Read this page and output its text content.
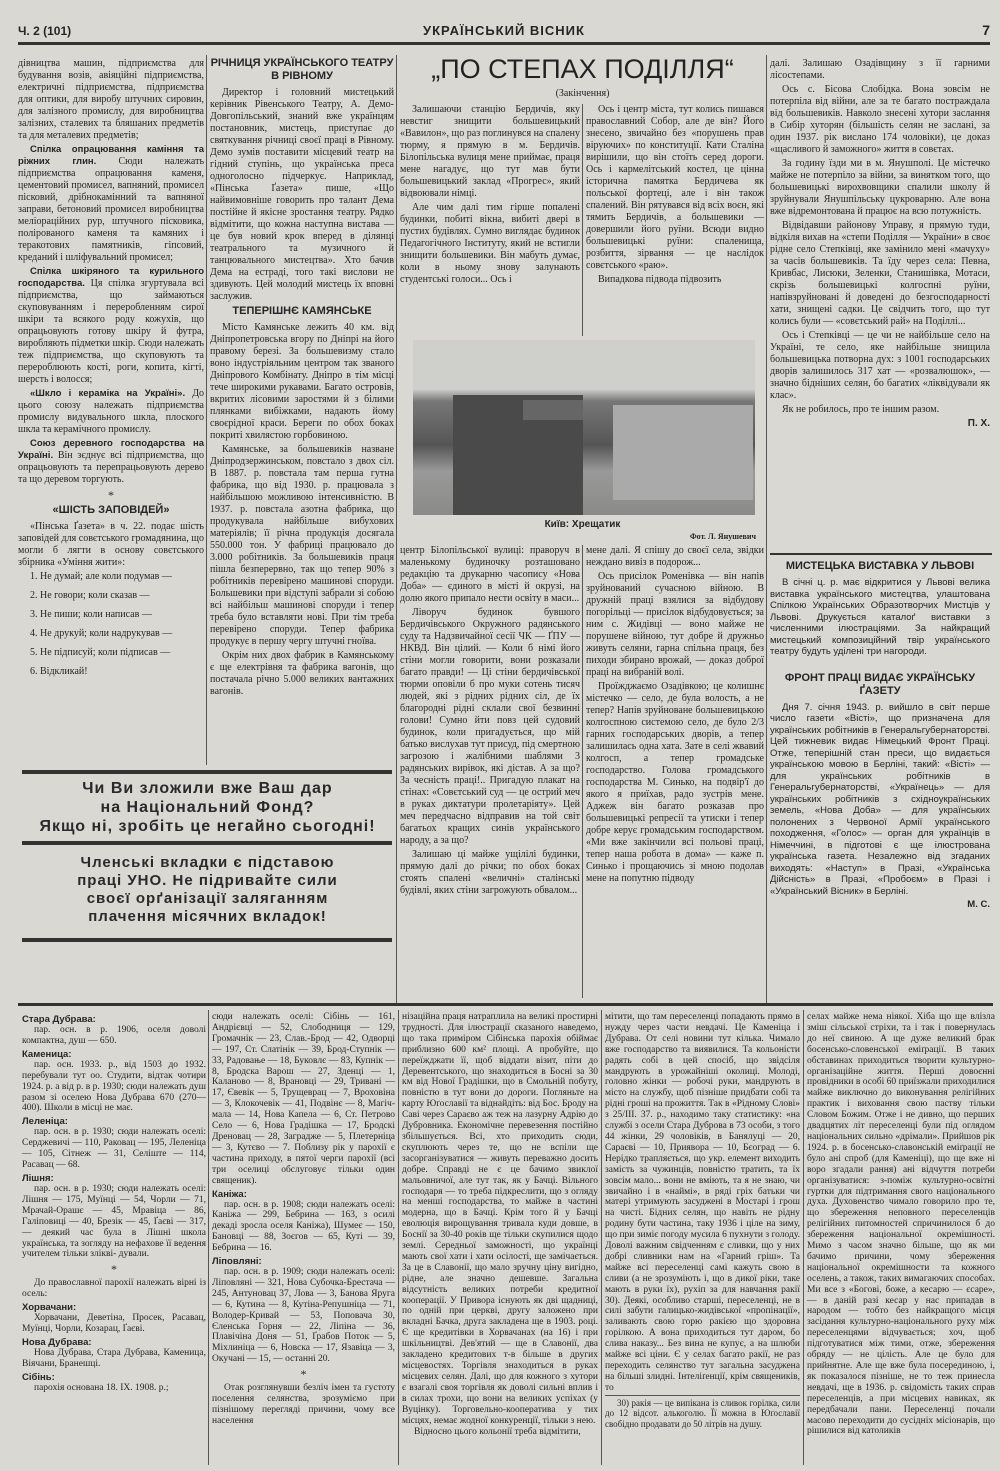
Ч. 2 (101)	УКРАЇНСЬКИЙ ВІСНИК	7

дівництва машин, підприємства для будування возів, авіяційні підприємства, електричні підприємства, підприємства для оптики, для виробу штучних сировин, для залізного промислу, для виробництва залізних, сталевих та бляшаних предметів та для металевих предметів;

Спілка опрацювання каміння та ріжних глин. Сюди належать підприємства опрацювання каменя, цементовий промисел, вапняний, промисел пісковий, дрібнокамінний та вапняної заправи, бетоновий промисел виробництва меліораційних рур, штучного пісковика, полірованого каменя та камяних і теракотових памятників, гіпсовий, креданий і шліфувальний промисел;

Спілка шкіряного та курильного господарства. Ця спілка згуртувала всі підприємства, що займаються скуповуванням і переробленням сирої шкіри та всякого роду кожухів, що опрацьовують готову шкіру й футра, виробляють підметки шкір. Сюди належать теж підприємства, що скуповують та перероблюють кості, роги, копита, кігті, шерсть і волосся;

«Шкло і кераміка на Україні». До цього союзу належать підприємства промислу видувального шкла, плоского шкла та керамічного промислу.

Союз деревного господарства на Україні. Він зєднує всі підприємства, що опрацьовують та перепрацьовують дерево та що деревом торгують.

*
«ШІСТЬ ЗАПОВІДЕЙ»

«Пінська Ґазета» в ч. 22. подає шість заповідей для совєтського громадянина, що могли б лягти в основу совєтського збірника «Уміння жити»:

1. Не думай; але коли подумав —

2. Не говори; коли сказав —

3. Не пиши; коли написав —

4. Не друкуй; коли надрукував —

5. Не підписуй; коли підписав —

6. Відкликай!

РІЧНИЦЯ УКРАЇНСЬКОГО ТЕАТРУ В РІВНОМУ

Директор і головний мистецький керівник Рівенського Театру, А. Демо-Довгопільський, знаний вже українцям постановник, мистець, приступає до святкування річниці своєї праці в Рівному. Демо зумів поставити місцевий театр на гідний ступінь, що українська преса одноголосно підчеркує. Наприклад, «Пінська Ґазета» пише, «Що найвимовніше говорить про талант Дема постійне й якісне зростання театру. Рядко відмітити, що кожна наступна вистава — це був новий крок вперед в ділянці театрального та музичного й танцювального мистецтва». Хто бачив Дема на естраді, того такі вислови не здивують. Цей молодий мистець їх вповні заслужив.

ТЕПЕРІШНЄ КАМЯНСЬКЕ

Місто Камянське лежить 40 км. від Дніпропетровська вгору по Дніпрі на його правому березі. За большевизму стало воно індустріяльним центром так званого Дніпрового Комбінату. Дніпро в тім місці тече широкими рукавами. Багато островів, вкритих лісовими заростями й з білими плянками вибіжками, надають йому своєрідної краси. Береги по обох боках покриті хвилястою горбовиною.

Камянське, за большевиків назване Дніпродзержинськом, повстало з двох сіл. В 1887. р. повстала там перша гутна фабрика, що від 1930. р. працювала з найбільшою можливою інтенсивністю. В 1937. р. повстала азотна фабрика, що продукувала найбільше вибухових матеріялів; її річна продукція досягала 550.000 тон. У фабриці працювало до 3.000 робітників. За большевиків праця пішла безперервно, так що тепер 90% з робітників перевірено машинові споруди. Большевики при відступі забрали зі собою всі найбільш машинові споруди і тепер треба було вставляти нові. При тім треба перевірено споруди. Тепер фабрика продукує в першу чергу штучні гноїва.

Окрім них двох фабрик в Камянському є ще електрівня та фабрика вагонів, що постачала річно 5.000 великих вантажних вагонів.

„ПО СТЕПАХ ПОДІЛЛЯ“
(Закінчення)

Залишаючи станцію Бердичів, яку невстиг знищити большевицький «Вавилон», що раз поглинувся на спалену тюрму, я прямую в м. Бердичів. Білопільська вулиця мене приймає, праця мене нагадує, що тут мав бути большевицький заклад «Прогрес», який відвоювали німці.

Але чим далі тим гірше попалені будинки, побиті вікна, вибиті двері в пустих будівлях. Сумно виглядає будинок Педагогічного Інституту, який не встигли знищити большевики. Він мабуть думає, коли в ньому знову залунають студентські голоси... Ось і

Ось і центр міста, тут колись пишався православний Собор, але де він? Його знесено, звичайно без «порушень прав віруючих» по конституції. Кати Сталіна вирішили, що він стоїть серед дороги. Ось і кармелітський костел, це цінна історична памятка Бердичева як польської фортеці, але і він також спалений. Він рятувався від всіх воєн, які тямить Бердичів, а большевики — довершили його руїни. Всюди видно большевицькі руїни: спаленища, розбиття, зірвання — це наслідок совєтського «раю».

Випадкова підвода підвозить

Київ: Хрещатик
Фот. Л. Янушевич

центр Білопільської вулиці: праворуч в маленькому будиночку розташовано редакцію та друкарню часопису «Нова Доба» — єдиного в місті й окрузі, на долю якого припало нести освіту в маси...

Ліворуч будинок бувшого Бердичівського Окружного радянського суду та Надзвичайної сесії ЧК — ҐПУ — НКВД. Він цілий. — Коли б німі його стіни могли говорити, вони розказали багато правди! — Ці стіни бердичівської тюрми оповіли б про муки сотень тисяч людей, які з рідних рідних сіл, де їх благородні рідні склали свої безвинні голови! Сумно йти повз цей судовий будинок, коли пригадується, що мій батько вислухав тут присуд, під смертною загрозою і жалібними шаблями 3 радянських вирівок, які дістав. А за що? За чесність праці!.. Пригадую плакат на стінах: «Совєтський суд — це острий меч в руках диктатури пролетаріяту». Цей меч передчасно відправив на той світ багатьох кращих синів українського народу, а за що?

Залишаю ці майже ущілілі будинки, прямую далі до річки; по обох боках стоять спалені «величні» сталінські будівлі, яких стіни загрожують обвалом...

мене далі. Я спішу до своєї села, звідки неждано вивіз в подорож...

Ось присілок Роменівка — він напів зруйнований сучасною війною. В дружній праці взялися за відбудову погорільці — присілок відбудовується; за ним с. Жидівці — воно майже не порушене війною, тут добре й дружньо живуть селяни, гарна спільна праця, без пиходи збирано врожай, — доказ доброї праці на вибраній волі.

Проїжджаємо Озадівкою; це колишнє містечко — село, де була волость, а не тепер? Напів зруйноване большевицькою колгоспною системою село, де було 2/3 гарних господарських дворів, а тепер залишилась одна хата. Зате в селі жвавий колгосп, а тепер громадське господарство. Голова громадського господарства М. Синько, на подвір'ї до якого я приїхав, радо зустрів мене. Аджеж він багато розказав про большевицькі репресії та утиски і тепер добре керує громадським господарством. «Ми вже закінчили всі польові праці, тепер наша робота в дома» — каже п. Синько і прощаючись зі мною подолав мене на попутню підводу

далі. Залишаю Озадівщину з її гарними лісостепами.

Ось с. Бісова Слобідка. Вона зовсім не потерпіла від війни, але за те багато постраждала від большевиків. Навколо знесені хутори заслання в Сибір хуторян (більшість селян не заслані, за один 1937. рік вислано 174 чоловіки), це доказ «щасливого й заможного» життя в совєтах.

За годину їзди ми в м. Янушполі. Це містечко майже не потерпіло за війни, за винятком того, що большевицькі вирохвовщики спалили школу й зруйнували Янушпільську цукроварню. Але вона вже відремонтована й працює на всю потужність.

Відвідавши районову Управу, я прямую туди, відкіля вихав на «степи Поділля — України» в своє рідне село Степківці, яке замінило мені «мачуху» за часів большевиків. Та їду через села: Певна, Кривбас, Лисюки, Зеленки, Станишівка, Мотаси, скрізь большевицькі колгоспні руїни, напівзруйновані й доведені до безгосподарності хати, знищені садки. Це свідчить того, що тут колись були — «совєтський рай» на Поділлі...

Ось і Степківці — це чи не найбільше село на Україні, те село, яке найбільше знищила большевицька потворна дух: з 1001 господарських дворів залишилось 317 хат — «розвалюшок», — значно бідніших селян, бо багатих «ліквідували як клас».

Як не робилось, про те іншим разом.

П. Х.
МИСТЕЦЬКА ВИСТАВКА У ЛЬВОВІ

В січні ц. р. має відкритися у Львові велика виставка українського мистецтва, улаштована Спілкою Українських Образотворчих Мистців у Львові. Друкується каталоґ виставки з численними ілюстраціями. За найкращий мистецький композиційний твір українського театру будуть уділені три нагороди.

ФРОНТ ПРАЦІ ВИДАЄ УКРАЇНСЬКУ ҐАЗЕТУ

Дня 7. січня 1943. р. вийшло в світ перше число газети «Вісті», що призначена для українських робітників в Генеральгубернаторстві. Цей тижневик видає Німецький Фронт Праці. Отже, теперішній стан преси, що видається українською мовою в Берліні, такий: «Вісті» — для українських робітників в Генеральгубернаторстві, «Українець» — для українських робітників з східноукраїнських земель, «Нова Доба» — для українських полонених з Червоної Армії українського походження, «Голос» — орган для українців в Німеччині, в підготові є ще ілюстрована українська газета. Незалежно від згаданих виходять: «Наступ» в Празі, «Українська Дійсність» в Празі, «Пробоєм» в Празі і «Український Вісник» в Берліні.

М. С.
Чи Ви зложили вже Ваш дар
на Національний Фонд?
Якщо ні, зробіть це негайно сьогодні!
Членські вкладки є підставою
праці УНО. Не підривайте сили
своєї орґанізації заляганням
плачення місячних вкладок!
Стара Дубрава:

пар. осн. в р. 1906, оселя доволі компактна, душ — 650.

Каменица:

пар. осн. 1933. р., від 1503 до 1932. перебували тут оо. Студити, відтак чотири 1924. р. а від р. в р. 1930; сюди належать душ разом зі оселею Нова Дубрава 670 (270—400). Школи в місці не має.

Леленіца:

пар. осн. в р. 1930; сюди належать оселі: Серджевичі — 110, Раковац — 195, Леленіца — 105, Сітнеж — 31, Селіште — 114, Расавац — 68.

Лішня:

пар. осн. в р. 1930; сюди належать оселі: Лішня — 175, Муїнці — 54, Чорли — 71, Мрачай-Орашє — 45, Мравіца — 86, Галіповиці — 40, Брезік — 45, Ґаєві — 317, — деякий час була в Лішні школа українська, та зогляду на нефахове її ведення учителем тільки злікві- дували.

*

До православної парохії належать вірні із осель:

Хорвачани:

Хорвачани, Деветіна, Просек, Расавац, Муїнці, Чорли, Козарац, Ґаєві.

Нова Дубрава:

Нова Дубрава, Стара Дубрава, Каменица, Віячани, Бранешці.

Сібінь:

парохія основана 18. IX. 1908. р.;

сюди належать оселі: Сібінь — 161, Андрієвці — 52, Слободниця — 129, Громачнік — 23, Слав.-Брод — 42, Одворці — 197, Ст. Слатінік — 39, Брод-Ступнік — 33, Радовање — 18, Буковлє — 83, Купнік — 8, Бродска Варош — 27, Зденці — 1, Каланово — 8, Врановці — 29, Тривані — 17, Євевік — 5, Трущеврац — 7, Вроховіна — 3, Клокочевік — 41, Подвінє — 8, Магіч-мала — 14, Нова Капела — 6, Ст. Петрово Село — 6, Нова Градішка — 17, Бродскі Дреновац — 28, Заградже — 5, Плетерніца — 3, Кутєво — 7. Поблизу рік у парохії є частина приходу, в пятої черги парохії (всі три оселиці обслуговує тільки один священик).

Каніжа:

пар. осн. в р. 1908; сюди належать оселі: Каніжа — 299, Бебрина — 163, з осилі декаді зросла оселя Каніжа), Шумеє — 150, Бановці — 88, Зоєгов — 65, Куті — 39, Бебрина — 16.

Ліповляні:

пар. осн. в р. 1909; сюди належать оселі: Ліповляні — 321, Нова Субочка-Брестача — 245, Антуновац 37, Лова — 3, Банова Яруга — 6, Кутина — 8, Кутіна-Репушніца — 71, Володер-Кривай — 53, Поповача 30, Єленська Горня — 22, Ліпіна — 36, Плавічіна Доня — 51, Ґрабов Поток — 5, Міхлиніца — 6, Новска — 17, Язавіца — 3, Окучані — 15, — останні 20.

*

Отак розглянувши безліч імен та густоту поселення селянства, зрозуміємо при пізнішому перегляді причини, чому все населення

нізаційна праця натраплила на великі простирні трудності. Для ілюстрації сказаного наведемо, що така приміром Сібінська парохія обіймає приблизно 600 км² площі. А пробуйте, що переїжджати її, щоб віддати візит, піти до Деревентського, що знаходиться в Босні за 30 км від Нової Градішки, що в Смольній побуту, повністю в тут вони до дороги. Погляньте на карту Юґославії та віднайдіть: від Бос. Броду на Саві через Сараєво аж теж на лазурну Адрію до Дубровника. Економічне перевезення постійно збільшується. Всі, хто приходить сюди, скуплюють через те, що не вспіли ще засорганізуватися — живуть переважно досить добре. Справді не є це бачимо звиклої мальовничої, але тут так, як у Бачці. Вільного господаря — то треба підкреслити, що з огляду на менші господарства, то майже в частині модерна, що в Бачці. Крім того й у Бачці еволюція вирощування тривала куди довше, в Боснії за 30-40 років ще тільки скупилися щодо землі. Середньої заможності, що українці мають свої хати і хати осілості, ще замічається. За це в Славонії, що мало зручну ціну вигідно, рідне, але значно дешевше. Загальна відсутність великих потреби кредитної кооперації. У Привора існують як дві щадниці, по одній при церкві, другу заложено при вкладні Бачка, друга закладена ще в 1903. році. Є ще кредитівки в Хорвачанах (на 16) і при шкільництві. Дев'ятий — ще в Славонії, два закладено кредитових т-в більше в других місцевостях. Торгівля знаходиться в руках місцевих селян. Далі, що для кожного з хутори є взагалі своя торгівля як доволі сильні вплив і в силах трохи, що вони на великих успіхах (у Вуцінку). Торговельно-кооператива у тих місцях, немає жодної конкуренції, тільки з нею.

Відносно цього кольонії треба відмітити,

мітити, що там переселенці попадають прямо в нужду через части невдачі. Це Каменіца і Дубрава. От селі новини тут кілька. Чимало вже господарство та виявилися. Та кольоністи радять собі в цей спосіб, що звідсіля мандрують в урожайніші околиці. Молоді, головно жінки — робочі руки, мандрують в місто на службу, щоб пізніше придбати собі та рідні гроші на прожиття. Так в «Рідному Слові» з 25/ІІІ. 37. р., находимо таку статистику: «на службі з осели Стара Дуброва в 73 особи, з того 44 жінки, 29 чоловіків, в Банялуці — 20, Сараєві — 10, Приявора — 10, Бєоград — 6. Нерідко трапляється, що укр. елемент виходить замість за чужинців, повністю тратить, та їх зовсім мало... вони не вміють, та я не знаю, чи звичайно і в «наймі», в ряді гріх батьки чи матері утримують засуджені в Мостарі і грош на чисті. Бідних селян, що навіть не рідну родину бути частина, таку 1936 і ціле на зиму, що при зиміє погоду мусила 6 пухнути з голоду. Доволі важним свідченням є сливки, що у них добрі сливники нам на «Гарний гріш». Та майже всі переселенці самі кажуть свою в сливи (а не зрозуміють і, що в дикої ріки, таке мають в руки їх), рухіп за для навчання ракії 30). Деякі, особливо старші, переселенці, не в силі забути галицько-жидівської «пропінації», заливають свою горю ракією що здоровна горілкою. А вона приходиться тут даром, бо слива наказу... Без вина не купує, а на шлюби майже всі ціни. Є у селах багато ракії, не раз переходить селянство тут загальна засуджена на більші злидні. Інтеліґенції, крім священиків, то

30) ракія — це випікана із сливок горілка, сили до 12 відсот. алькоголю. Її можна в Юґославії свобідно продавати до 50 літрів на душу.

селах майже нема ніякої. Хіба що ще влізла зміш сільської стріхи, та і так і повернулась до неї свиною. А ще дуже великий брак босенсько-словенської еміґрації. В таких обставинах приходиться творити культурно-організаційне життя. Перші довоєнні провідники в особі 60 приїзжали приходилися майже виключно до виконування релігійних практик і виховання свою паству тільки Словом Божим. Отже і не дивно, що перших двадцятих літ переселенці були під оглядом національних сильно «дрімали». Прийшов рік 1924. р. в босенсько-славонській еміґрації не було ані спроб (для Каменіці), що ще вже ні воро згадали рання) ані відчуття потреби організуватися: з-поміж культурно-освітні гуртки для підтримання свого національного духа. Духовенство чимало говорило про те, що збереження неповного переселенців релігійних питомностей спричинилося б до збереження національної окремішності. Мимо з часом значно більше, що як ми бачимо причини, чому збереження національної окремішности та кожного оселень, а також, таких вимагаючих способах. Ми все з «Богові, боже, а кесарю — єсаре», — в даній разі кесар у нас припадав в народом — тобто без найкращого місця засідання культурно-національного руху між переселенцями відчувається; хоч, щоб підготуватися між тими, отже, збереження обряду — не цілість. Але це було для прийнятне. Але ще вже була посерединою, і, як показалося пізніше, не то теж принесла невдачі, ще в 1936. р. свідомість таких справ переселенців, а при місцевих навиках, як передбачали пани. Переселенці почали масово переходити до сусідніх місіонарів, що рішилися від католиків
